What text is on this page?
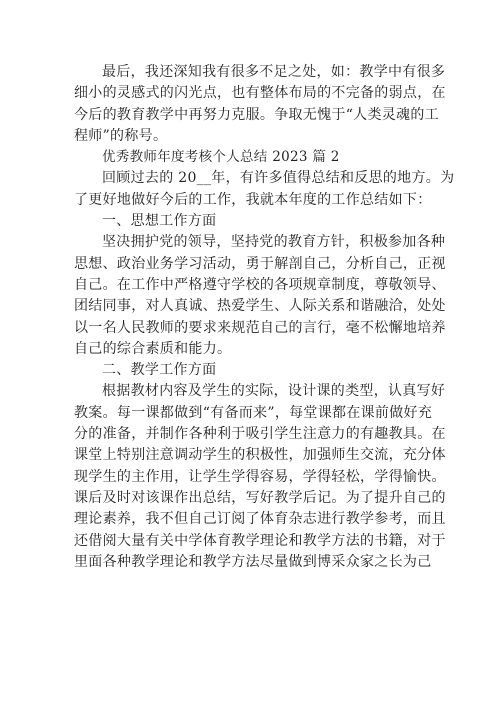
最后，我还深知我有很多不足之处，如：教学中有很多
细小的灵感式的闪光点，也有整体布局的不完备的弱点，在
今后的教育教学中再努力克服。争取无愧于“人类灵魂的工
程师”的称号。
优秀教师年度考核个人总结 2023 篇 2
回顾过去的 20__年，有许多值得总结和反思的地方。为
了更好地做好今后的工作，我就本年度的工作总结如下：
一、思想工作方面
坚决拥护党的领导，坚持党的教育方针，积极参加各种
思想、政治业务学习活动，勇于解剖自己，分析自己，正视
自己。在工作中严格遵守学校的各项规章制度，尊敬领导、
团结同事，对人真诚、热爱学生、人际关系和谐融洽，处处
以一名人民教师的要求来规范自己的言行，毫不松懈地培养
自己的综合素质和能力。
二、教学工作方面
根据教材内容及学生的实际，设计课的类型，认真写好
教案。每一课都做到“有备而来”，每堂课都在课前做好充
分的准备，并制作各种利于吸引学生注意力的有趣教具。在
课堂上特别注意调动学生的积极性，加强师生交流，充分体
现学生的主作用，让学生学得容易，学得轻松，学得愉快。
课后及时对该课作出总结，写好教学后记。为了提升自己的
理论素养，我不但自己订阅了体育杂志进行教学参考，而且
还借阅大量有关中学体育教学理论和教学方法的书籍，对于
里面各种教学理论和教学方法尽量做到博采众家之长为己
